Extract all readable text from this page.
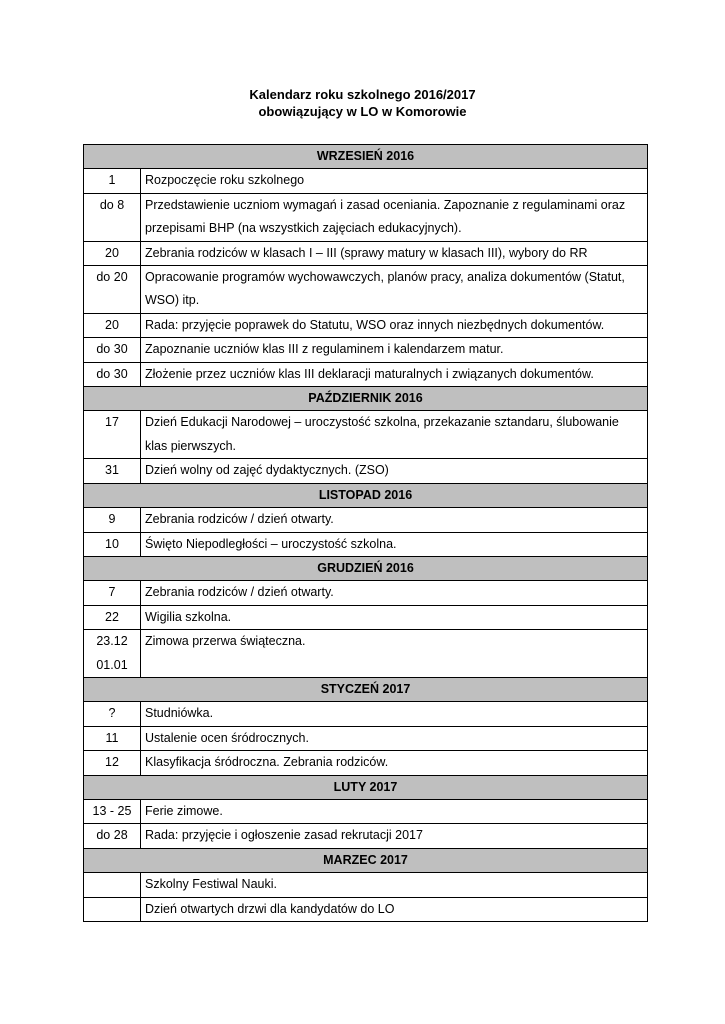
Kalendarz roku szkolnego 2016/2017
obowiązujący w LO w Komorowie
WRZESIEŃ 2016	
1	Rozpoczęcie roku szkolnego
do 8	Przedstawienie uczniom wymagań i zasad oceniania. Zapoznanie z regulaminami oraz przepisami BHP (na wszystkich zajęciach edukacyjnych).
20	Zebrania rodziców w klasach I – III (sprawy matury w klasach III), wybory do RR
do 20	Opracowanie programów wychowawczych, planów pracy, analiza dokumentów (Statut, WSO) itp.
20	Rada: przyjęcie poprawek do Statutu, WSO oraz innych niezbędnych dokumentów.
do 30	Zapoznanie uczniów klas III z regulaminem i kalendarzem matur.
do 30	Złożenie przez uczniów klas III deklaracji maturalnych i związanych dokumentów.
PAŹDZIERNIK 2016	
17	Dzień Edukacji Narodowej – uroczystość szkolna, przekazanie sztandaru, ślubowanie klas pierwszych.
31	Dzień wolny od zajęć dydaktycznych. (ZSO)
LISTOPAD 2016	
9	Zebrania rodziców / dzień otwarty.
10	Święto Niepodległości – uroczystość szkolna.
GRUDZIEŃ 2016	
7	Zebrania rodziców / dzień otwarty.
22	Wigilia szkolna.
23.12
01.01	Zimowa przerwa świąteczna.
STYCZEŃ 2017	
?	Studniówka.
11	Ustalenie ocen śródrocznych.
12	Klasyfikacja śródroczna. Zebrania rodziców.
LUTY 2017	
13 - 25	Ferie zimowe.
do 28	Rada: przyjęcie i ogłoszenie zasad rekrutacji 2017
MARZEC 2017	
	Szkolny Festiwal Nauki.
	Dzień otwartych drzwi dla kandydatów do LO
